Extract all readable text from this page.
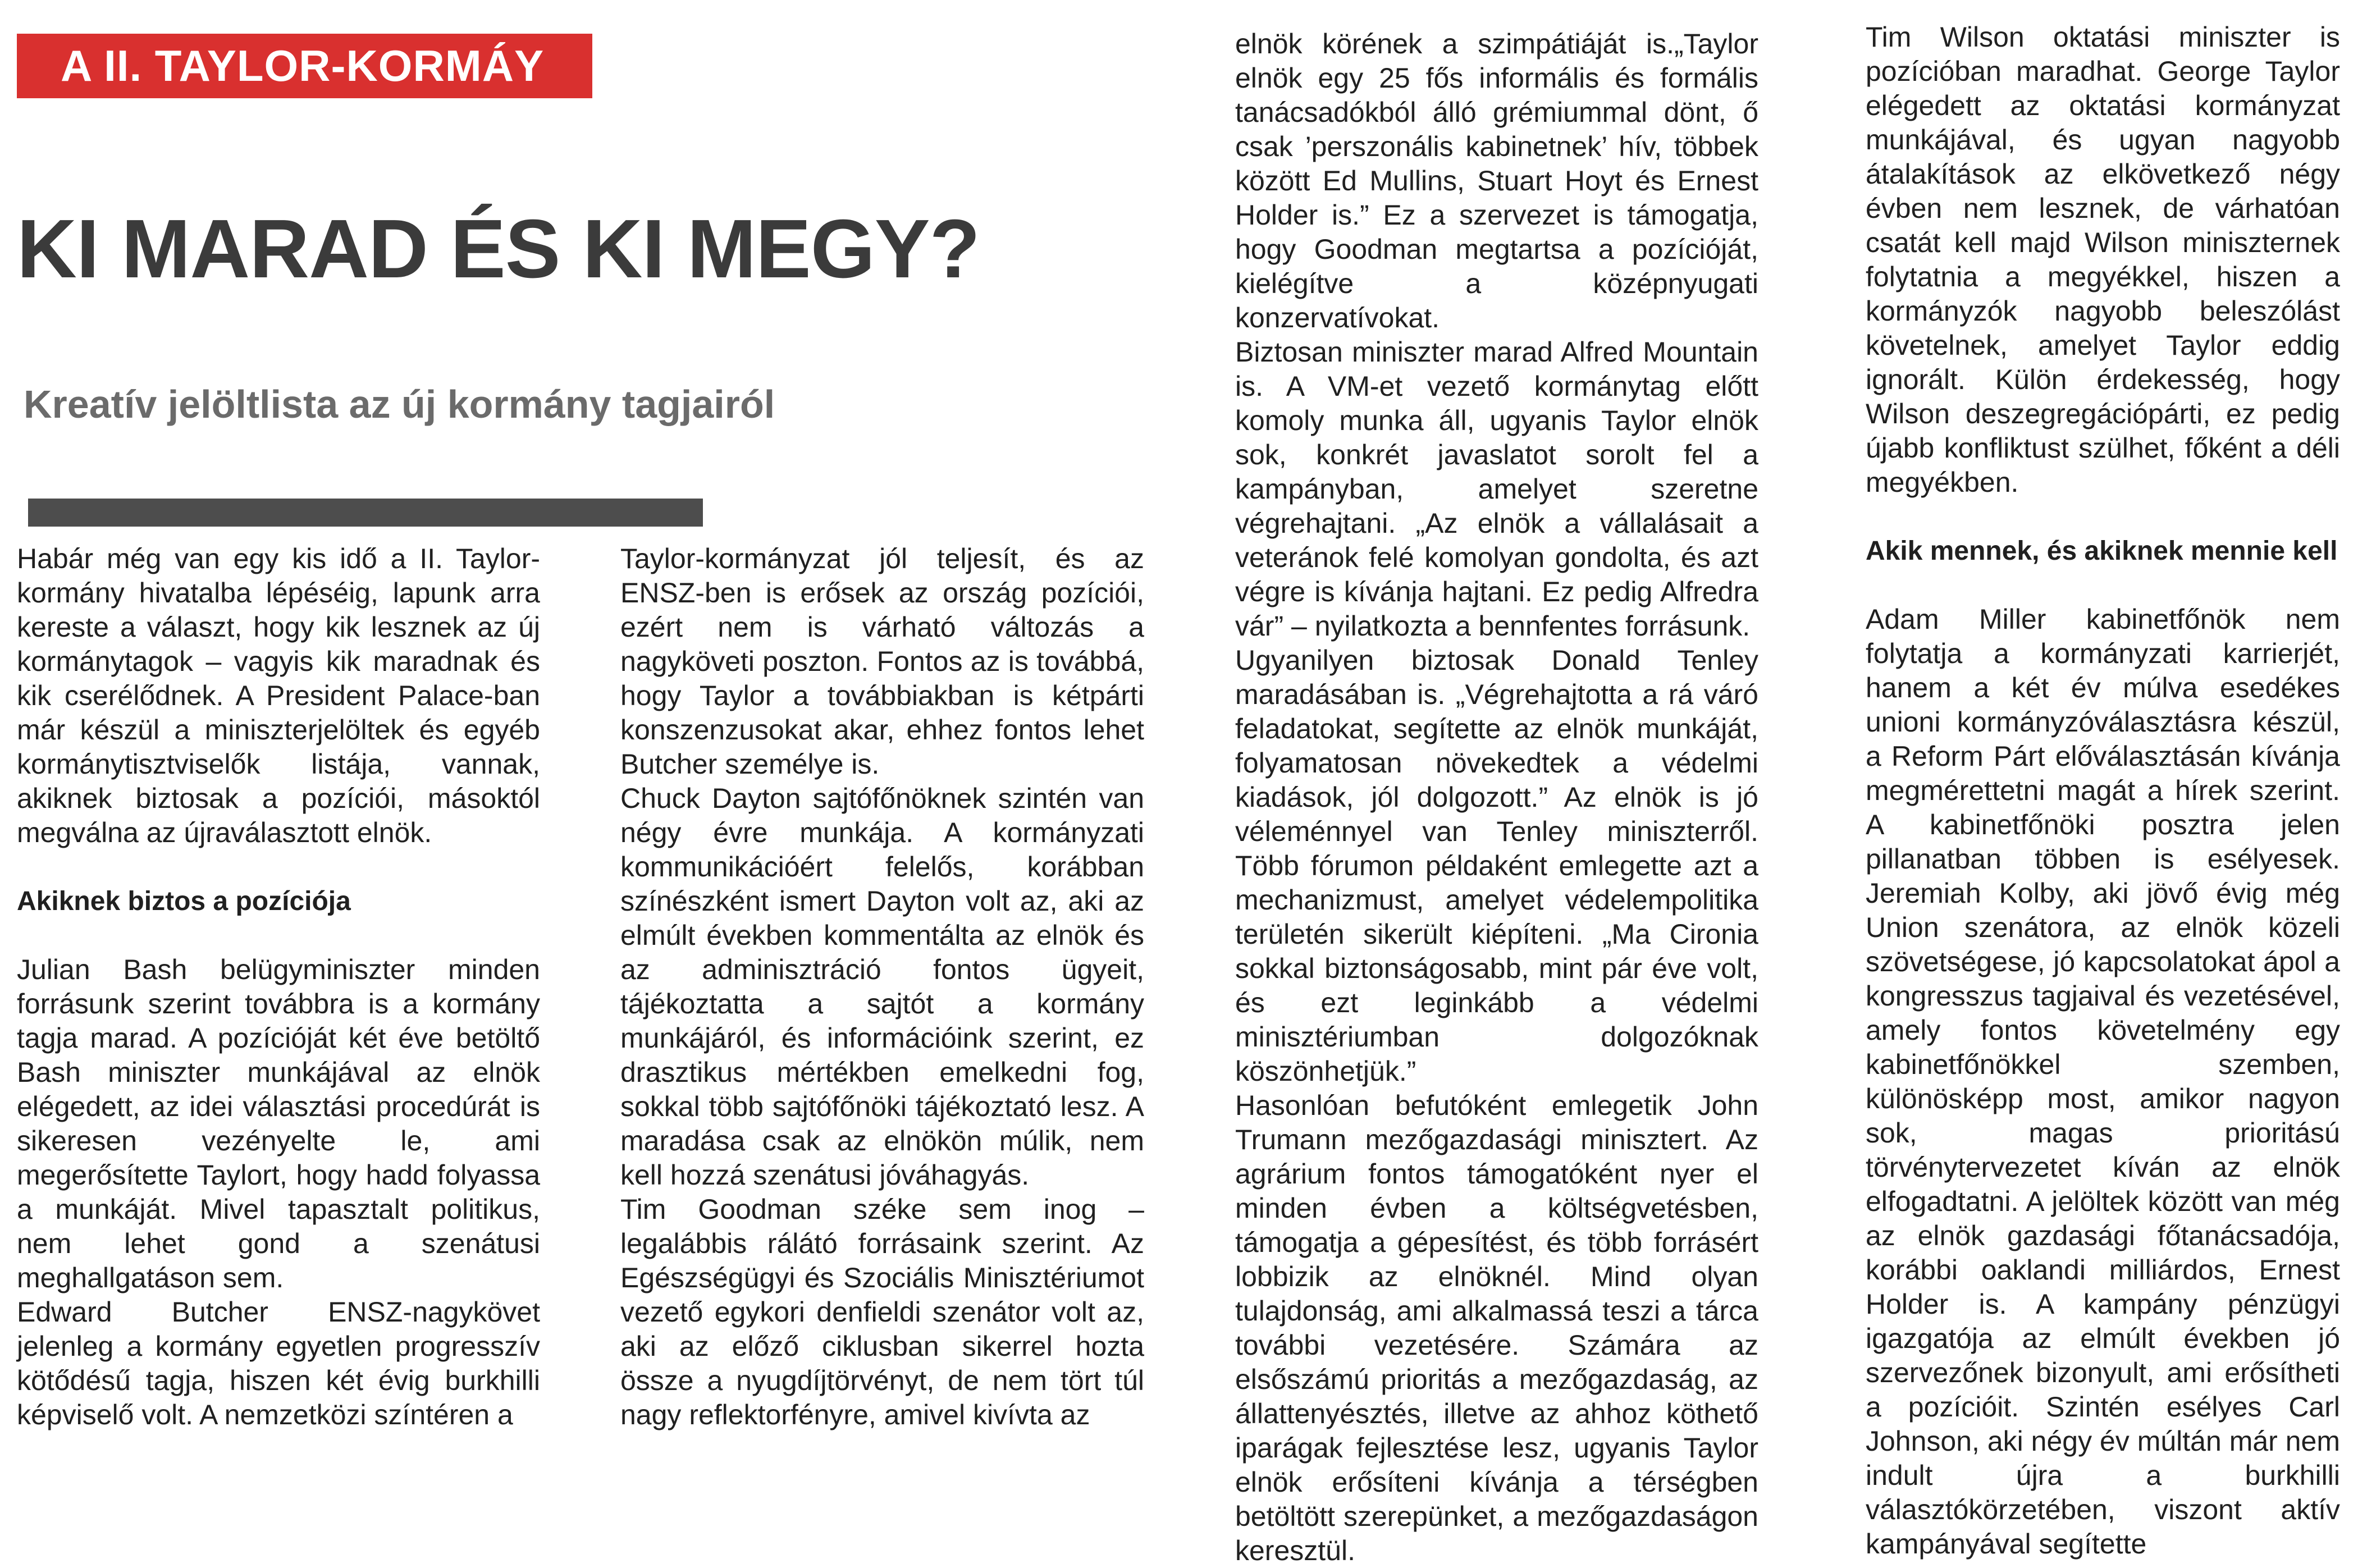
A II. TAYLOR-KORMÁY
KI MARAD ÉS KI MEGY?
Kreatív jelöltlista az új kormány tagjairól

Habár még van egy kis idő a II. Taylor-kormány hivatalba lépéséig, lapunk arra kereste a választ, hogy kik lesznek az új kormánytagok – vagyis kik maradnak és kik cserélődnek. A President Palace-ban már készül a miniszterjelöltek és egyéb kormánytisztviselők listája, vannak, akiknek biztosak a pozíciói, másoktól megválna az újraválasztott elnök.

Akiknek biztos a pozíciója

Julian Bash belügyminiszter minden forrásunk szerint továbbra is a kormány tagja marad. A pozícióját két éve betöltő Bash miniszter munkájával az elnök elégedett, az idei választási procedúrát is sikeresen vezényelte le, ami megerősítette Taylort, hogy hadd folyassa a munkáját. Mivel tapasztalt politikus, nem lehet gond a szenátusi meghallgatáson sem.

Edward Butcher ENSZ-nagykövet jelenleg a kormány egyetlen progresszív kötődésű tagja, hiszen két évig burkhilli képviselő volt. A nemzetközi színtéren a

Taylor-kormányzat jól teljesít, és az ENSZ-ben is erősek az ország pozíciói, ezért nem is várható változás a nagyköveti poszton. Fontos az is továbbá, hogy Taylor a továbbiakban is kétpárti konszenzusokat akar, ehhez fontos lehet Butcher személye is.

Chuck Dayton sajtófőnöknek szintén van négy évre munkája. A kormányzati kommunikációért felelős, korábban színészként ismert Dayton volt az, aki az elmúlt években kommentálta az elnök és az adminisztráció fontos ügyeit, tájékoztatta a sajtót a kormány munkájáról, és információink szerint, ez drasztikus mértékben emelkedni fog, sokkal több sajtófőnöki tájékoztató lesz. A maradása csak az elnökön múlik, nem kell hozzá szenátusi jóváhagyás.

Tim Goodman széke sem inog – legalábbis rálátó forrásaink szerint. Az Egészségügyi és Szociális Minisztériumot vezető egykori denfieldi szenátor volt az, aki az előző ciklusban sikerrel hozta össze a nyugdíjtörvényt, de nem tört túl nagy reflektorfényre, amivel kivívta az

elnök körének a szimpátiáját is.„Taylor elnök egy 25 fős informális és formális tanácsadókból álló grémiummal dönt, ő csak ’perszonális kabinetnek’ hív, többek között Ed Mullins, Stuart Hoyt és Ernest Holder is.” Ez a szervezet is támogatja, hogy Goodman megtartsa a pozícióját, kielégítve a középnyugati konzervatívokat.

Biztosan miniszter marad Alfred Mountain is. A VM-et vezető kormánytag előtt komoly munka áll, ugyanis Taylor elnök sok, konkrét javaslatot sorolt fel a kampányban, amelyet szeretne végrehajtani. „Az elnök a vállalásait a veteránok felé komolyan gondolta, és azt végre is kívánja hajtani. Ez pedig Alfredra vár” – nyilatkozta a bennfentes forrásunk.

Ugyanilyen biztosak Donald Tenley maradásában is. „Végrehajtotta a rá váró feladatokat, segítette az elnök munkáját, folyamatosan növekedtek a védelmi kiadások, jól dolgozott.” Az elnök is jó véleménnyel van Tenley miniszterről. Több fórumon példaként emlegette azt a mechanizmust, amelyet védelempolitika területén sikerült kiépíteni. „Ma Cironia sokkal biztonságosabb, mint pár éve volt, és ezt leginkább a védelmi minisztériumban dolgozóknak köszönhetjük.”

Hasonlóan befutóként emlegetik John Trumann mezőgazdasági minisztert. Az agrárium fontos támogatóként nyer el minden évben a költségvetésben, támogatja a gépesítést, és több forrásért lobbizik az elnöknél. Mind olyan tulajdonság, ami alkalmassá teszi a tárca további vezetésére. Számára az elsőszámú prioritás a mezőgazdaság, az állattenyésztés, illetve az ahhoz köthető iparágak fejlesztése lesz, ugyanis Taylor elnök erősíteni kívánja a térségben betöltött szerepünket, a mezőgazdaságon keresztül.

Tim Wilson oktatási miniszter is pozícióban maradhat. George Taylor elégedett az oktatási kormányzat munkájával, és ugyan nagyobb átalakítások az elkövetkező négy évben nem lesznek, de várhatóan csatát kell majd Wilson miniszternek folytatnia a megyékkel, hiszen a kormányzók nagyobb beleszólást követelnek, amelyet Taylor eddig ignorált. Külön érdekesség, hogy Wilson deszegregációpárti, ez pedig újabb konfliktust szülhet, főként a déli megyékben.

Akik mennek, és akiknek mennie kell

Adam Miller kabinetfőnök nem folytatja a kormányzati karrierjét, hanem a két év múlva esedékes unioni kormányzóválasztásra készül, a Reform Párt előválasztásán kívánja megmérettetni magát a hírek szerint. A kabinetfőnöki posztra jelen pillanatban többen is esélyesek. Jeremiah Kolby, aki jövő évig még Union szenátora, az elnök közeli szövetségese, jó kapcsolatokat ápol a kongresszus tagjaival és vezetésével, amely fontos követelmény egy kabinetfőnökkel szemben, különösképp most, amikor nagyon sok, magas prioritású törvénytervezetet kíván az elnök elfogadtatni. A jelöltek között van még az elnök gazdasági főtanácsadója, korábbi oaklandi milliárdos, Ernest Holder is. A kampány pénzügyi igazgatója az elmúlt években jó szervezőnek bizonyult, ami erősítheti a pozícióit. Szintén esélyes Carl Johnson, aki négy év múltán már nem indult újra a burkhilli választókörzetében, viszont aktív kampányával segítette
